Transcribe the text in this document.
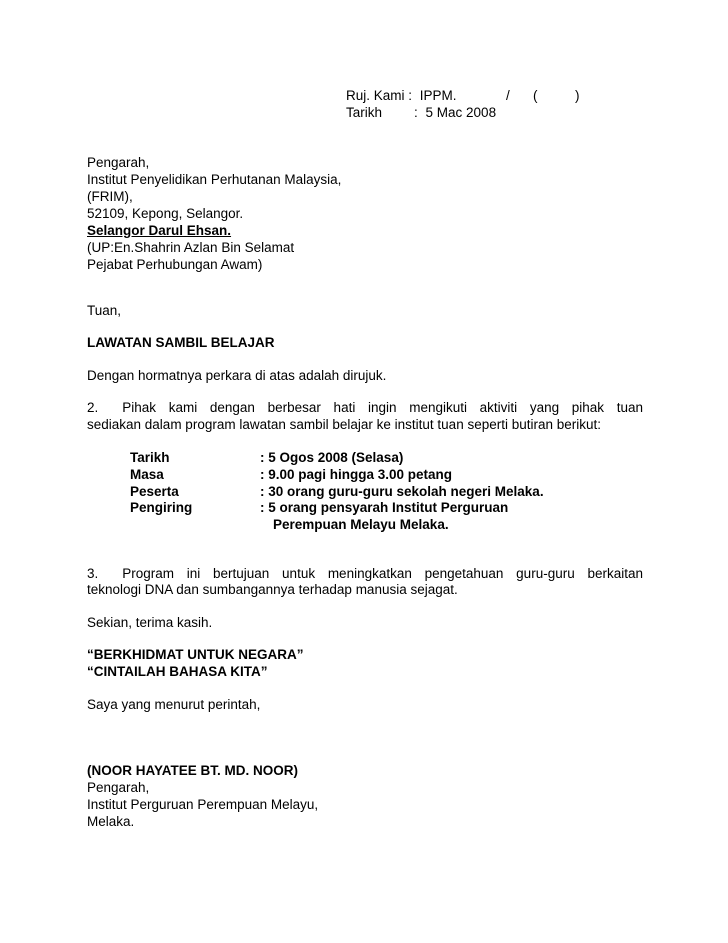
Ruj. Kami : IPPM.	/ (	)
Tarikh : 5 Mac 2008
Pengarah,
Institut Penyelidikan Perhutanan Malaysia,
(FRIM),
52109, Kepong, Selangor.
Selangor Darul Ehsan.
(UP:En.Shahrin Azlan Bin Selamat
Pejabat Perhubungan Awam)
Tuan,
LAWATAN SAMBIL BELAJAR
Dengan hormatnya perkara di atas adalah dirujuk.
2. Pihak kami dengan berbesar hati ingin mengikuti aktiviti yang pihak tuan
sediakan dalam program lawatan sambil belajar ke institut tuan seperti butiran berikut:
Tarikh	: 5 Ogos 2008 (Selasa)
Masa	: 9.00 pagi hingga 3.00 petang
Peserta	: 30 orang guru-guru sekolah negeri Melaka.
Pengiring	: 5 orang pensyarah Institut Perguruan
Perempuan Melayu Melaka.
3. Program ini bertujuan untuk meningkatkan pengetahuan guru-guru berkaitan
teknologi DNA dan sumbangannya terhadap manusia sejagat.
Sekian, terima kasih.
“BERKHIDMAT UNTUK NEGARA”
“CINTAILAH BAHASA KITA”
Saya yang menurut perintah,
(NOOR HAYATEE BT. MD. NOOR)
Pengarah,
Institut Perguruan Perempuan Melayu,
Melaka.
